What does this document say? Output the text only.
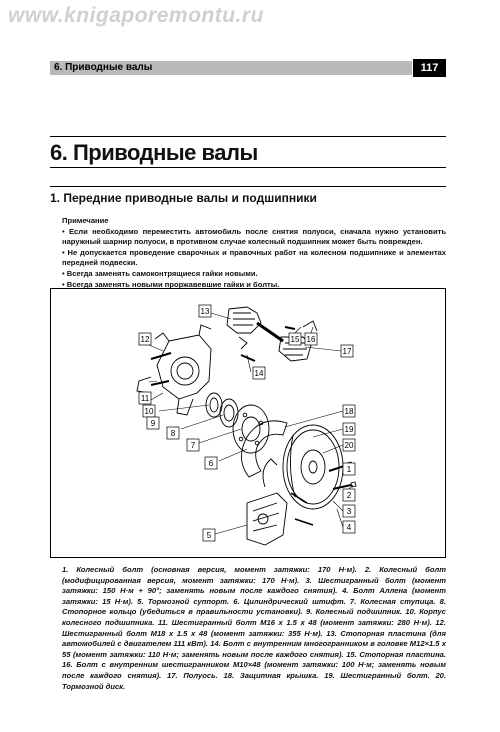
www.knigaporemontu.ru
6. Приводные валы	117
6. Приводные валы
1. Передние приводные валы и подшипники

Примечание

• Если необходимо переместить автомобиль после снятия полуоси, сначала нужно установить наружный шарнир полуоси, в противном случае колесный подшипник может быть поврежден.

• Не допускается проведение сварочных и правочных работ на колесном подшипнике и элементах передней подвески.

• Всегда заменять самоконтрящиеся гайки новыми.

• Всегда заменять новыми проржавевшие гайки и болты.

12
11
10
9
8
7
6
5
13
14
15 16
17
18
19
20
1
2
3
4
1. Колесный болт (основная версия, момент затяжки: 170 Н·м). 2. Колесный болт (модифицированная версия, момент затяжки: 170 Н·м). 3. Шестигранный болт (момент затяжки: 150 Н·м + 90°; заменять новым после каждого снятия). 4. Болт Аллена (момент затяжки: 15 Н·м). 5. Тормозной суппорт. 6. Цилиндрический штифт. 7. Колесная ступица. 8. Стопорное кольцо (убедиться в правильности установки). 9. Колесный подшипник. 10. Корпус колесного подшипника. 11. Шестигранный болт M16 x 1.5 x 48 (момент затяжки: 280 Н·м). 12. Шестигранный болт M18 x 1.5 x 48 (момент затяжки: 355 Н·м). 13. Стопорная пластина (для автомобилей с двигателем 111 кВт). 14. Болт с внутренним многогранником в головке M12×1.5 x 55 (момент затяжки: 110 Н·м; заменять новым после каждого снятия). 15. Стопорная пластина. 16. Болт с внутренним шестигранником M10×48 (момент затяжки: 100 Н·м; заменять новым после каждого снятия). 17. Полуось. 18. Защитная крышка. 19. Шестигранный болт. 20. Тормозной диск.
